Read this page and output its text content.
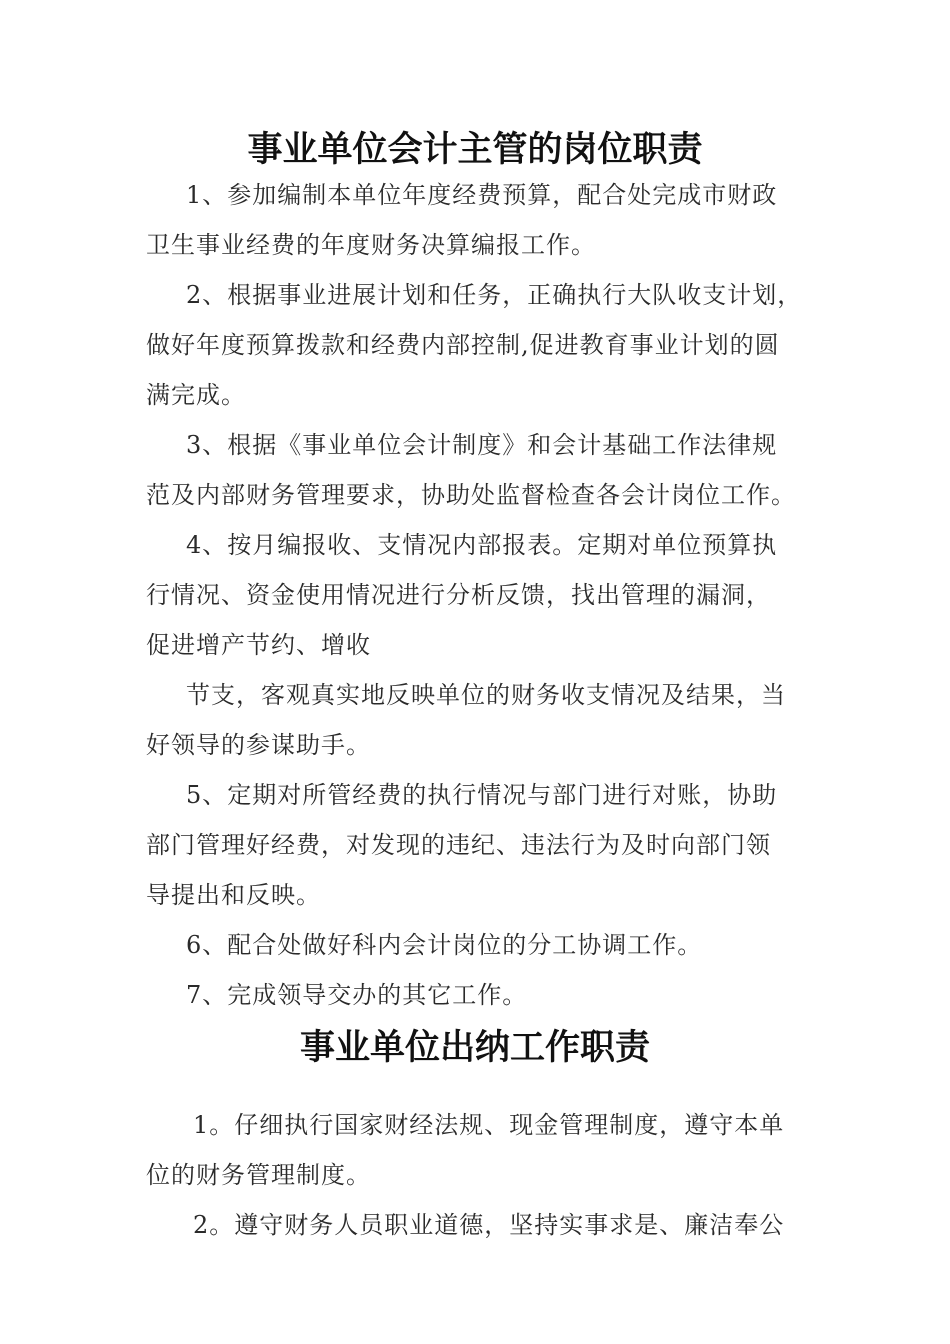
事业单位会计主管的岗位职责
1、参加编制本单位年度经费预算，配合处完成市财政
卫生事业经费的年度财务决算编报工作。
2、根据事业进展计划和任务，正确执行大队收支计划，
做好年度预算拨款和经费内部控制,促进教育事业计划的圆
满完成。
3、根据《事业单位会计制度》和会计基础工作法律规
范及内部财务管理要求，协助处监督检查各会计岗位工作。
4、按月编报收、支情况内部报表。定期对单位预算执
行情况、资金使用情况进行分析反馈，找出管理的漏洞，
促进增产节约、增收
节支，客观真实地反映单位的财务收支情况及结果，当
好领导的参谋助手。
5、定期对所管经费的执行情况与部门进行对账，协助
部门管理好经费，对发现的违纪、违法行为及时向部门领
导提出和反映。
6、配合处做好科内会计岗位的分工协调工作。
7、完成领导交办的其它工作。
事业单位出纳工作职责
1。仔细执行国家财经法规、现金管理制度，遵守本单
位的财务管理制度。
2。遵守财务人员职业道德，坚持实事求是、廉洁奉公
